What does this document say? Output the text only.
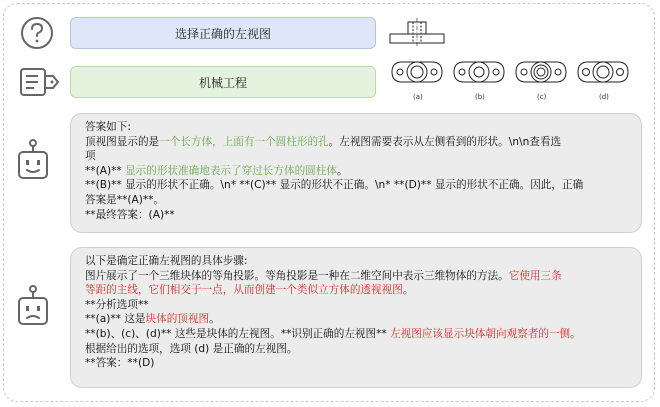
选择正确的左视图
机械工程
(a)	(b)	(c)	(d)
答案如下:
顶视图显示的是一个长方体，上面有一个圆柱形的孔。左视图需要表示从左侧看到的形状。\n\n查看选
项
**(A)** 显示的形状准确地表示了穿过长方体的圆柱体。
**(B)** 显示的形状不正确。\n* **(C)** 显示的形状不正确。\n* **(D)** 显示的形状不正确。因此，正确
答案是**(A)**。
**最终答案：(A)**
以下是确定正确左视图的具体步骤:
图片展示了一个三维块体的等角投影。等角投影是一种在二维空间中表示三维物体的方法。它使用三条
等距的主线，它们相交于一点，从而创建一个类似立方体的透视视图。
**分析选项**
**(a)** 这是块体的顶视图。
**(b)、(c)、(d)** 这些是块体的左视图。**识别正确的左视图** 左视图应该显示块体朝向观察者的一侧。
根据给出的选项，选项 (d) 是正确的左视图。
**答案：**(D)
